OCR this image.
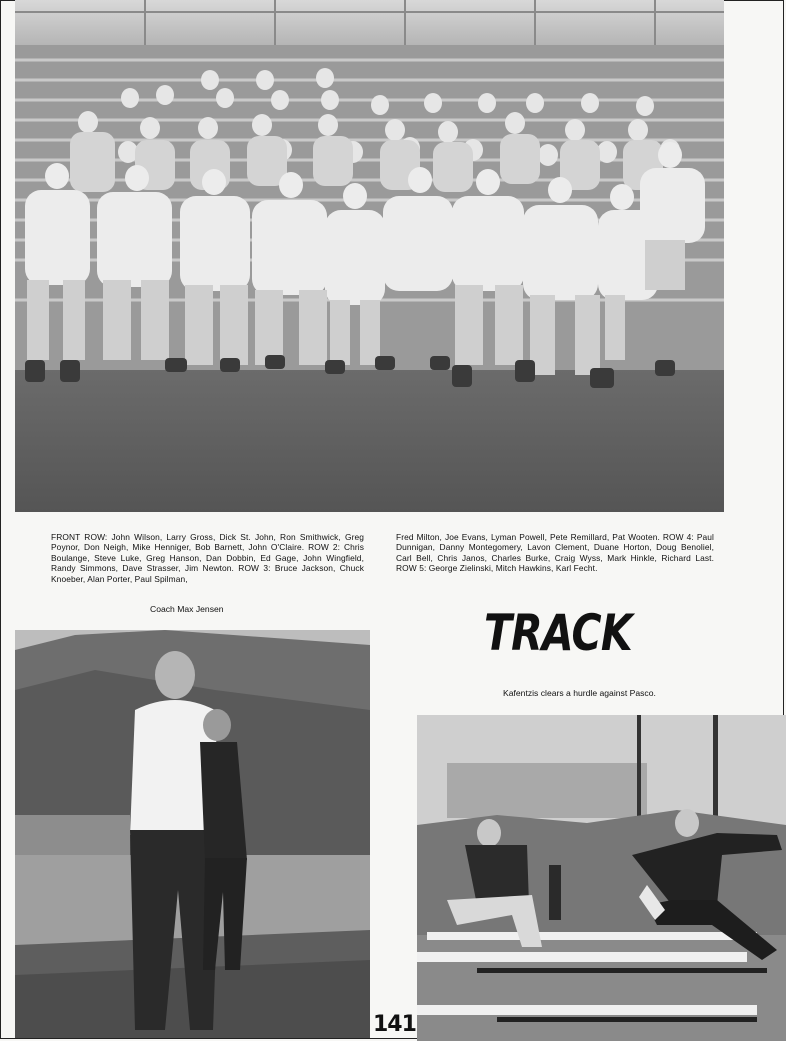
FRONT ROW: John Wilson, Larry Gross, Dick St. John, Ron Smithwick, Greg Poynor, Don Neigh, Mike Henniger, Bob Barnett, John O'Claire. ROW 2: Chris Boulange, Steve Luke, Greg Hanson, Dan Dobbin, Ed Gage, John Wingfield, Randy Simmons, Dave Strasser, Jim Newton. ROW 3: Bruce Jackson, Chuck Knoeber, Alan Porter, Paul Spilman,
Fred Milton, Joe Evans, Lyman Powell, Pete Remillard, Pat Wooten. ROW 4: Paul Dunnigan, Danny Montegomery, Lavon Clement, Duane Horton, Doug Benoliel, Carl Bell, Chris Janos, Charles Burke, Craig Wyss, Mark Hinkle, Richard Last. ROW 5: George Zielinski, Mitch Hawkins, Karl Fecht.
Coach Max Jensen	TRACK
Kafentzis clears a hurdle against Pasco.
141
